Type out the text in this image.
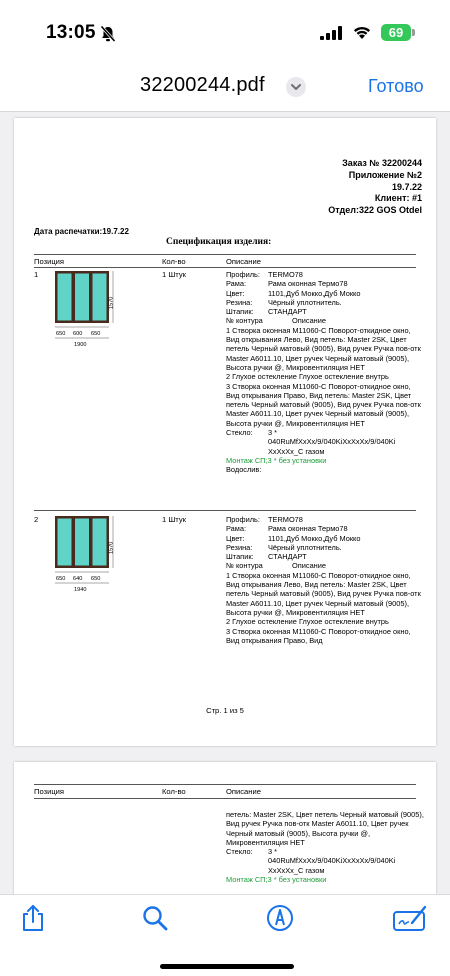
13:05	69
32200244.pdf	Готово
Заказ № 32200244
Приложение №2
19.7.22
Клиент: #1
Отдел:322 GOS Otdel
Дата распечатки:19.7.22
Спецификация изделия:
Позиция	Кол-во	Описание
1	1 Штук
650 600 650
1900
1570
Профиль: TERMO78
Рама:	Рама оконная Термо78
Цвет:	1101,Дуб Мокко,Дуб Мокко
Резина: Чёрный уплотнитель.
Штапик: СТАНДАРТ
№ контура	Описание
1 Створка оконная M11060-C Поворот-откидное окно, Вид открывания Лево, Вид петель: Master 2SK, Цвет петель Черный матовый (9005), Вид ручек Ручка пов-отк Master A6011.10, Цвет ручек Черный матовый (9005), Высота ручки @, Микровентиляция НЕТ
2 Глухое остекление Глухое остекление внутрь
3 Створка оконная M11060-C Поворот-откидное окно, Вид открывания Право, Вид петель: Master 2SK, Цвет петель Черный матовый (9005), Вид ручек Ручка пов-отк Master A6011.10, Цвет ручек Черный матовый (9005), Высота ручки @, Микровентиляция НЕТ
Стекло: 3 *
040RuMfXxXx/9/040KiXxXxXx/9/040Ki
XxXxXx_C газом
Монтаж СП;3 * без установки
Водослив:
2	1 Штук
650 640 650
1940
1570
Профиль: TERMO78
Рама:	Рама оконная Термо78
Цвет:	1101,Дуб Мокко,Дуб Мокко
Резина: Чёрный уплотнитель.
Штапик: СТАНДАРТ
№ контура	Описание
1 Створка оконная M11060-C Поворот-откидное окно, Вид открывания Лево, Вид петель: Master 2SK, Цвет петель Черный матовый (9005), Вид ручек Ручка пов-отк Master A6011.10, Цвет ручек Черный матовый (9005), Высота ручки @, Микровентиляция НЕТ
2 Глухое остекление Глухое остекление внутрь
3 Створка оконная M11060-C Поворот-откидное окно, Вид открывания Право, Вид
Стр. 1 из 5
Позиция	Кол-во	Описание
петель: Master 2SK, Цвет петель Черный матовый (9005), Вид ручек Ручка пов-отк Master A6011.10, Цвет ручек Черный матовый (9005), Высота ручки @, Микровентиляция НЕТ
Стекло: 3 *
040RuMfXxXx/9/040KiXxXxXx/9/040Ki
XxXxXx_C газом
Монтаж СП;3 * без установки
